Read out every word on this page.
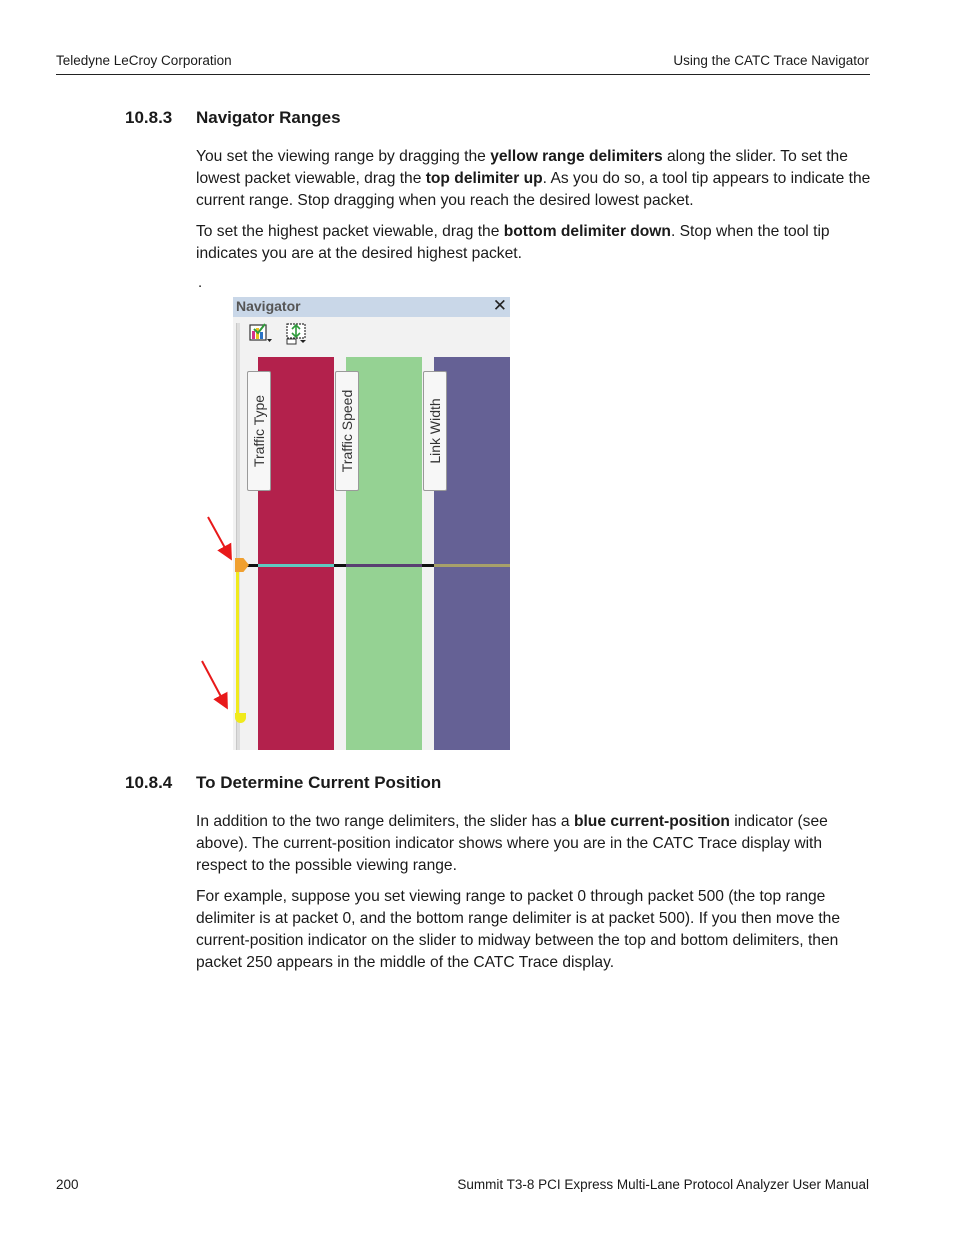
Teledyne LeCroy Corporation	Using the CATC Trace Navigator
10.8.3 Navigator Ranges
You set the viewing range by dragging the yellow range delimiters along the slider. To set the lowest packet viewable, drag the top delimiter up. As you do so, a tool tip appears to indicate the current range. Stop dragging when you reach the desired lowest packet.
To set the highest packet viewable, drag the bottom delimiter down. Stop when the tool tip indicates you are at the desired highest packet.
.
Navigator	✕
Traffic Type	Traffic Speed	Link Width
10.8.4 To Determine Current Position
In addition to the two range delimiters, the slider has a blue current-position indicator (see above). The current-position indicator shows where you are in the CATC Trace display with respect to the possible viewing range.
For example, suppose you set viewing range to packet 0 through packet 500 (the top range delimiter is at packet 0, and the bottom range delimiter is at packet 500). If you then move the current-position indicator on the slider to midway between the top and bottom delimiters, then packet 250 appears in the middle of the CATC Trace display.
200	Summit T3-8 PCI Express Multi-Lane Protocol Analyzer User Manual
